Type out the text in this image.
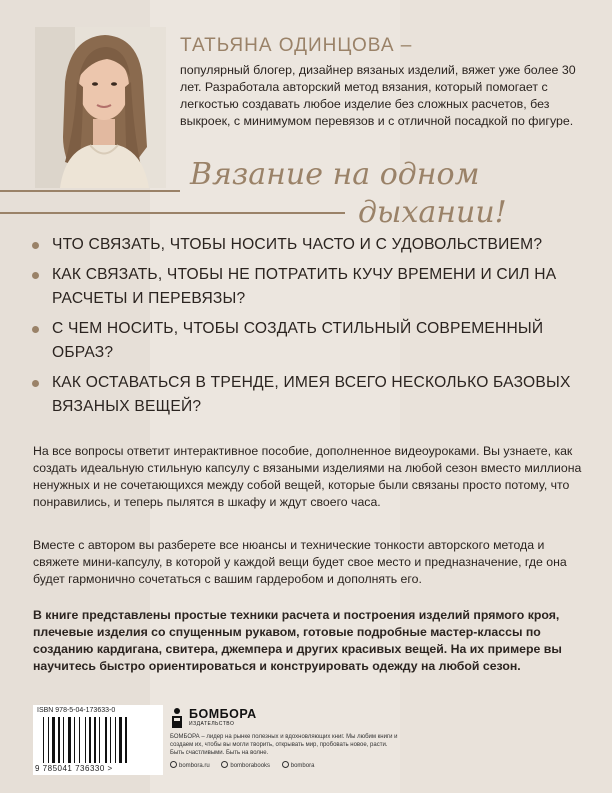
ТАТЬЯНА ОДИНЦОВА –
популярный блогер, дизайнер вязаных изделий, вяжет уже более 30 лет. Разработала авторский метод вязания, который помогает с легкостью создавать любое изделие без сложных расчетов, без выкроек, с минимумом перевязов и с отличной посадкой по фигуре.
Вязание на одном
дыхании!
ЧТО СВЯЗАТЬ, ЧТОБЫ НОСИТЬ ЧАСТО И С УДОВОЛЬСТВИЕМ?
КАК СВЯЗАТЬ, ЧТОБЫ НЕ ПОТРАТИТЬ КУЧУ ВРЕМЕНИ И СИЛ НА РАСЧЕТЫ И ПЕРЕВЯЗЫ?
С ЧЕМ НОСИТЬ, ЧТОБЫ СОЗДАТЬ СТИЛЬНЫЙ СОВРЕМЕННЫЙ ОБРАЗ?
КАК ОСТАВАТЬСЯ В ТРЕНДЕ, ИМЕЯ ВСЕГО НЕСКОЛЬКО БАЗОВЫХ ВЯЗАНЫХ ВЕЩЕЙ?
На все вопросы ответит интерактивное пособие, дополненное видеоуроками. Вы узнаете, как создать идеальную стильную капсулу с вязаными изделиями на любой сезон вместо миллиона ненужных и не сочетающихся между собой вещей, которые были связаны просто потому, что понравились, и теперь пылятся в шкафу и ждут своего часа.
Вместе с автором вы разберете все нюансы и технические тонкости авторского метода и свяжете мини-капсулу, в которой у каждой вещи будет свое место и предназначение, где она будет гармонично сочетаться с вашим гардеробом и дополнять его.
В книге представлены простые техники расчета и построения изделий прямого кроя, плечевые изделия со спущенным рукавом, готовые подробные мастер-классы по созданию кардигана, свитера, джемпера и других красивых вещей. На их примере вы научитесь быстро ориентироваться и конструировать одежду на любой сезон.
ISBN 978-5-04-173633-0
9 785041 736330 >
БОМБОРА
ИЗДАТЕЛЬСТВО
БОМБОРА – лидер на рынке полезных и вдохновляющих книг. Мы любим книги и создаем их, чтобы вы могли творить, открывать мир, пробовать новое, расти. Быть счастливыми. Быть на волне.
bombora.ru	bomborabooks	bombora
